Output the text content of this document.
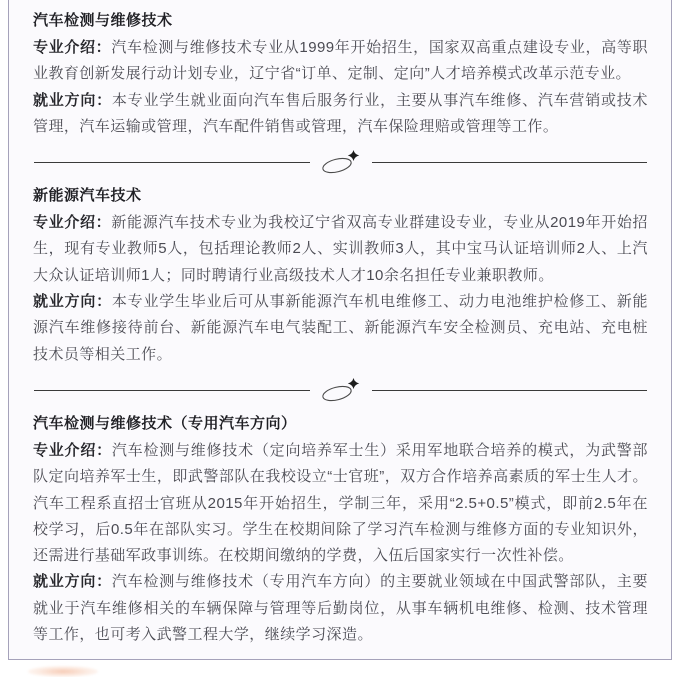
汽车检测与维修技术

专业介绍：汽车检测与维修技术专业从1999年开始招生，国家双高重点建设专业，高等职业教育创新发展行动计划专业，辽宁省“订单、定制、定向”人才培养模式改革示范专业。

就业方向：本专业学生就业面向汽车售后服务行业，主要从事汽车维修、汽车营销或技术管理，汽车运输或管理，汽车配件销售或管理，汽车保险理赔或管理等工作。

新能源汽车技术

专业介绍：新能源汽车技术专业为我校辽宁省双高专业群建设专业，专业从2019年开始招生，现有专业教师5人，包括理论教师2人、实训教师3人，其中宝马认证培训师2人、上汽大众认证培训师1人；同时聘请行业高级技术人才10余名担任专业兼职教师。

就业方向：本专业学生毕业后可从事新能源汽车机电维修工、动力电池维护检修工、新能源汽车维修接待前台、新能源汽车电气装配工、新能源汽车安全检测员、充电站、充电桩技术员等相关工作。

汽车检测与维修技术（专用汽车方向）

专业介绍：汽车检测与维修技术（定向培养军士生）采用军地联合培养的模式，为武警部队定向培养军士生，即武警部队在我校设立“士官班”，双方合作培养高素质的军士生人才。汽车工程系直招士官班从2015年开始招生，学制三年，采用“2.5+0.5”模式，即前2.5年在校学习，后0.5年在部队实习。学生在校期间除了学习汽车检测与维修方面的专业知识外，还需进行基础军政事训练。在校期间缴纳的学费，入伍后国家实行一次性补偿。

就业方向：汽车检测与维修技术（专用汽车方向）的主要就业领域在中国武警部队，主要就业于汽车维修相关的车辆保障与管理等后勤岗位，从事车辆机电维修、检测、技术管理等工作，也可考入武警工程大学，继续学习深造。
